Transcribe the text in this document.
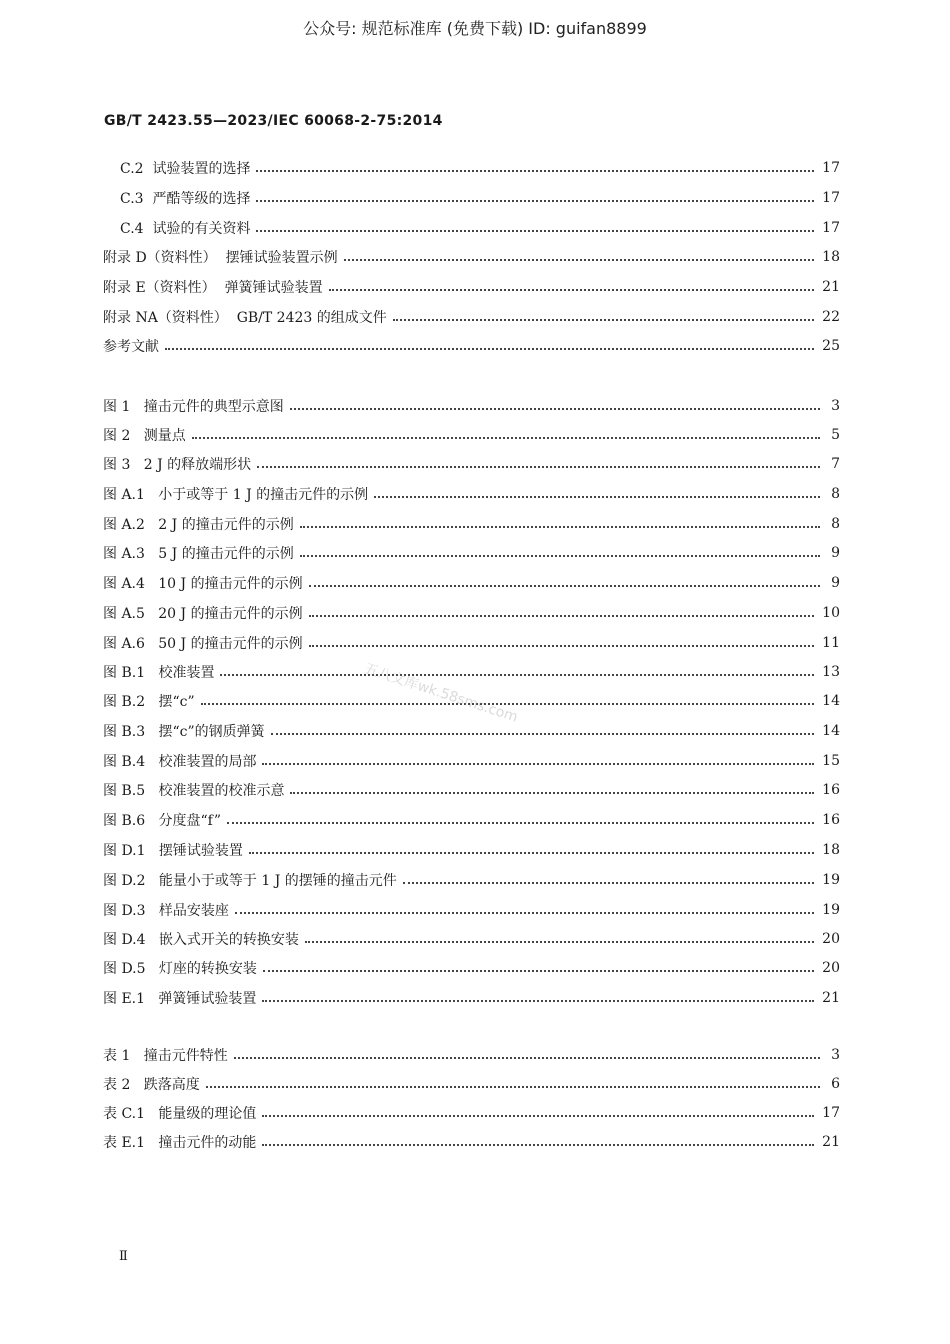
公众号: 规范标准库 (免费下载) ID: guifan8899
GB/T 2423.55—2023/IEC 60068-2-75:2014
C.2  试验装置的选择	17
C.3  严酷等级的选择	17
C.4  试验的有关资料	17
附录 D（资料性）  摆锤试验装置示例	18
附录 E（资料性）  弹簧锤试验装置	21
附录 NA（资料性）  GB/T 2423 的组成文件	22
参考文献	25
图 1   撞击元件的典型示意图	3
图 2   测量点	5
图 3   2 J 的释放端形状	7
图 A.1   小于或等于 1 J 的撞击元件的示例	8
图 A.2   2 J 的撞击元件的示例	8
图 A.3   5 J 的撞击元件的示例	9
图 A.4   10 J 的撞击元件的示例	9
图 A.5   20 J 的撞击元件的示例	10
图 A.6   50 J 的撞击元件的示例	11
图 B.1   校准装置	13
图 B.2   摆“c”	14
图 B.3   摆“c”的钢质弹簧	14
图 B.4   校准装置的局部	15
图 B.5   校准装置的校准示意	16
图 B.6   分度盘“f”	16
图 D.1   摆锤试验装置	18
图 D.2   能量小于或等于 1 J 的摆锤的撞击元件	19
图 D.3   样品安装座	19
图 D.4   嵌入式开关的转换安装	20
图 D.5   灯座的转换安装	20
图 E.1   弹簧锤试验装置	21
表 1   撞击元件特性	3
表 2   跌落高度	6
表 C.1   能量级的理论值	17
表 E.1   撞击元件的动能	21
五八文库wk.58sms.com
Ⅱ
